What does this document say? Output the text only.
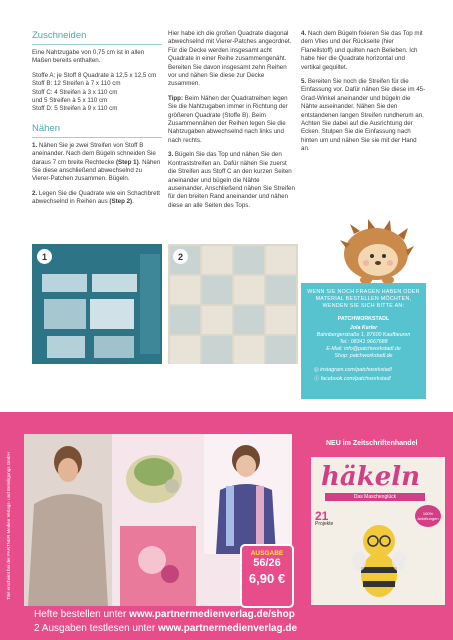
Zuschneiden

Eine Nahtzugabe von 0,75 cm ist in allen Maßen bereits enthalten.

Stoffe A: je Stoff 8 Quadrate à 12,5 x 12,5 cm
Stoff B: 12 Streifen à 7 x 110 cm
Stoff C: 4 Streifen à 3 x 110 cm
und 5 Streifen à 5 x 110 cm
Stoff D: 5 Streifen à 9 x 110 cm
Nähen

1. Nähen Sie je zwei Streifen von Stoff B aneinander. Nach dem Bügeln schneiden Sie daraus 7 cm breite Rechtecke (Step 1). Nähen Sie diese anschließend abwechselnd zu Vierer-Patchen zusammen. Bügeln.

2. Legen Sie die Quadrate wie ein Schachbrett abwechselnd in Reihen aus (Step 2).

Hier habe ich die großen Quadrate diagonal abwechselnd mit Vierer-Patches angeordnet. Für die Decke werden insgesamt acht Quadrate in einer Reihe zusammengenäht. Bereiten Sie davon insgesamt zehn Reihen vor und nähen Sie diese zur Decke zusammen.

Tipp: Beim Nähen der Quadratreihen legen Sie die Nahtzugaben immer in Richtung der größeren Quadrate (Stoffe B). Beim Zusammennähen der Reihen legen Sie die Nahtzugaben abwechselnd nach links und nach rechts.

3. Bügeln Sie das Top und nähen Sie den Kontraststreifen an. Dafür nähen Sie zuerst die Streifen aus Stoff C an den kurzen Seiten aneinander und bügeln die Nähte auseinander. Anschließend nähen Sie Streifen für den breiten Rand aneinander und nähen diese an alle Seiten des Tops.

4. Nach dem Bügeln fixieren Sie das Top mit dem Vlies und der Rückseite (hier Flanellstoff) und quilten nach Belieben. Ich habe hier die Quadrate horizontal und vertikal gequiltet.

5. Bereiten Sie noch die Streifen für die Einfassung vor. Dafür nähen Sie diese im 45-Grad-Winkel aneinander und bügeln die Nähte auseinander. Nähen Sie den entstandenen langen Streifen rundherum an. Achten Sie dabei auf die Ausrichtung der Ecken. Stulpen Sie die Einfassung nach hinten um und nähen Sie sie mit der Hand an.

1	2
WENN SIE NOCH FRAGEN HABEN ODER MATERIAL BESTELLEN MÖCHTEN, WENDEN SIE SICH BITTE AN:
PATCHWORKSTADL
Jola Kerler
Bahnbergerstraße 1, 87600 Kaufbeuren
Tel.: 08341 9667688
E-Mail: info@patchworkstadl.de
Shop: patchworkstadl.de
◎ instagram.com/patchworkstadl
ⓕ facebook.com/patchworkstadl
Titel erscheint bei der PARTNER Medien Verlags- und Beteiligungs GmbH
NEU im Zeitschriftenhandel
häkeln
Das Maschenglück
21
Projekte
100% Anleitungen
AUSGABE
56/26
6,90 €
Hefte bestellen unter www.partnermedienverlag.de/shop
2 Ausgaben testlesen unter www.partnermedienverlag.de
